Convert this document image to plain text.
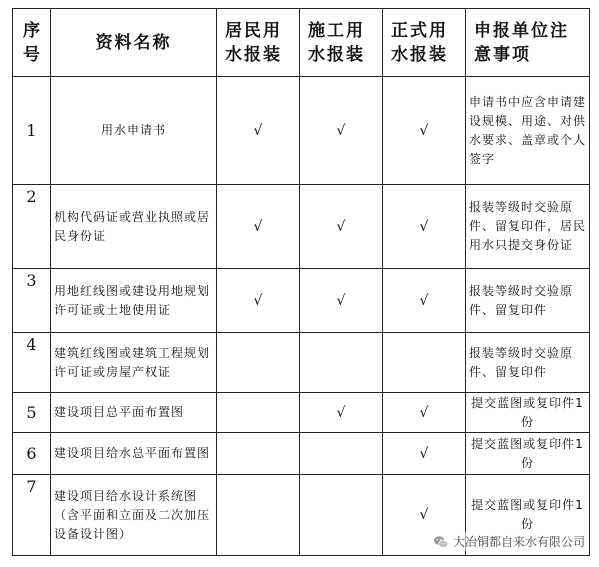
序号	资料名称	居民用水报装	施工用水报装	正式用水报装	申报单位注意事项
1	用水申请书	√	√	√	申请书中应含申请建设规模、用途、对供水要求、盖章或个人签字
2	机构代码证或营业执照或居民身份证	√	√	√	报装等级时交验原件、留复印件，居民用水只提交身份证
3	用地红线图或建设用地规划许可证或土地使用证	√	√	√	报装等级时交验原件、留复印件
4	建筑红线图或建筑工程规划许可证或房屋产权证				报装等级时交验原件、留复印件
5	建设项目总平面布置图		√	√	提交蓝图或复印件1份
6	建设项目给水总平面布置图			√	提交蓝图或复印件1份
7	建设项目给水设计系统图（含平面和立面及二次加压设备设计图）			√	提交蓝图或复印件1份
大冶铜都自来水有限公司
